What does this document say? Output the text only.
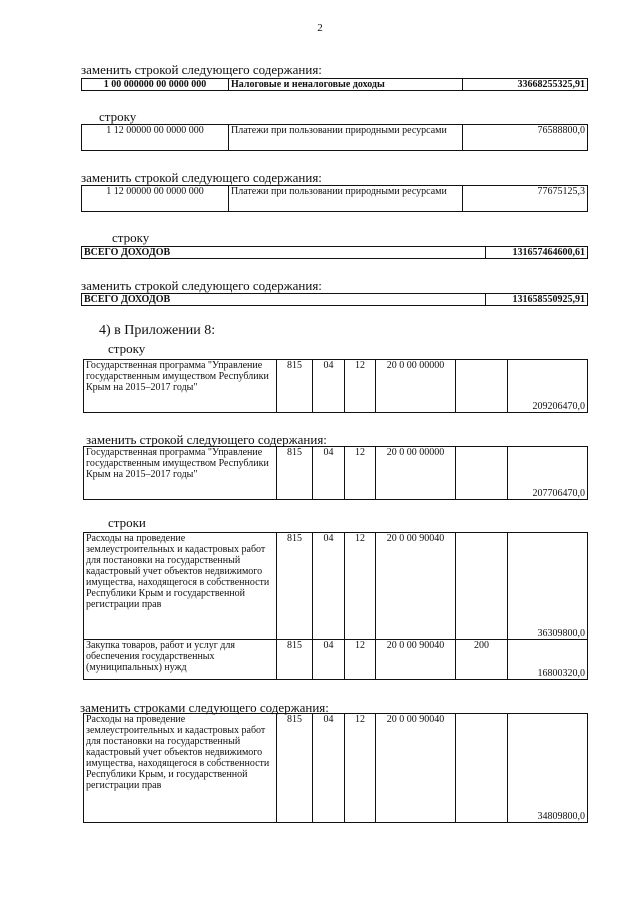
2
заменить строкой следующего содержания:
1 00 000000 00 0000 000	Налоговые и неналоговые доходы	33668255325,91
строку
1 12 00000 00 0000 000	Платежи при пользовании природными ресурсами	76588800,0
заменить строкой следующего содержания:
1 12 00000 00 0000 000	Платежи при пользовании природными ресурсами	77675125,3
строку
ВСЕГО ДОХОДОВ	131657464600,61
заменить строкой следующего содержания:
ВСЕГО ДОХОДОВ	131658550925,91
4) в Приложении 8:
строку
Государственная программа "Управление государственным имуществом Республики Крым на 2015–2017 годы"	815	04	12	20 0 00 00000		209206470,0
заменить строкой следующего содержания:
Государственная программа "Управление государственным имуществом Республики Крым на 2015–2017 годы"	815	04	12	20 0 00 00000		207706470,0
строки
Расходы на проведение землеустроительных и кадастровых работ для постановки на государственный кадастровый учет объектов недвижимого имущества, находящегося в собственности Республики Крым и государственной регистрации прав	815	04	12	20 0 00 90040		36309800,0
Закупка товаров, работ и услуг для обеспечения государственных (муниципальных) нужд	815	04	12	20 0 00 90040	200	16800320,0
заменить строками следующего содержания:
Расходы на проведение землеустроительных и кадастровых работ для постановки на государственный кадастровый учет объектов недвижимого имущества, находящегося в собственности Республики Крым, и государственной регистрации прав	815	04	12	20 0 00 90040		34809800,0
